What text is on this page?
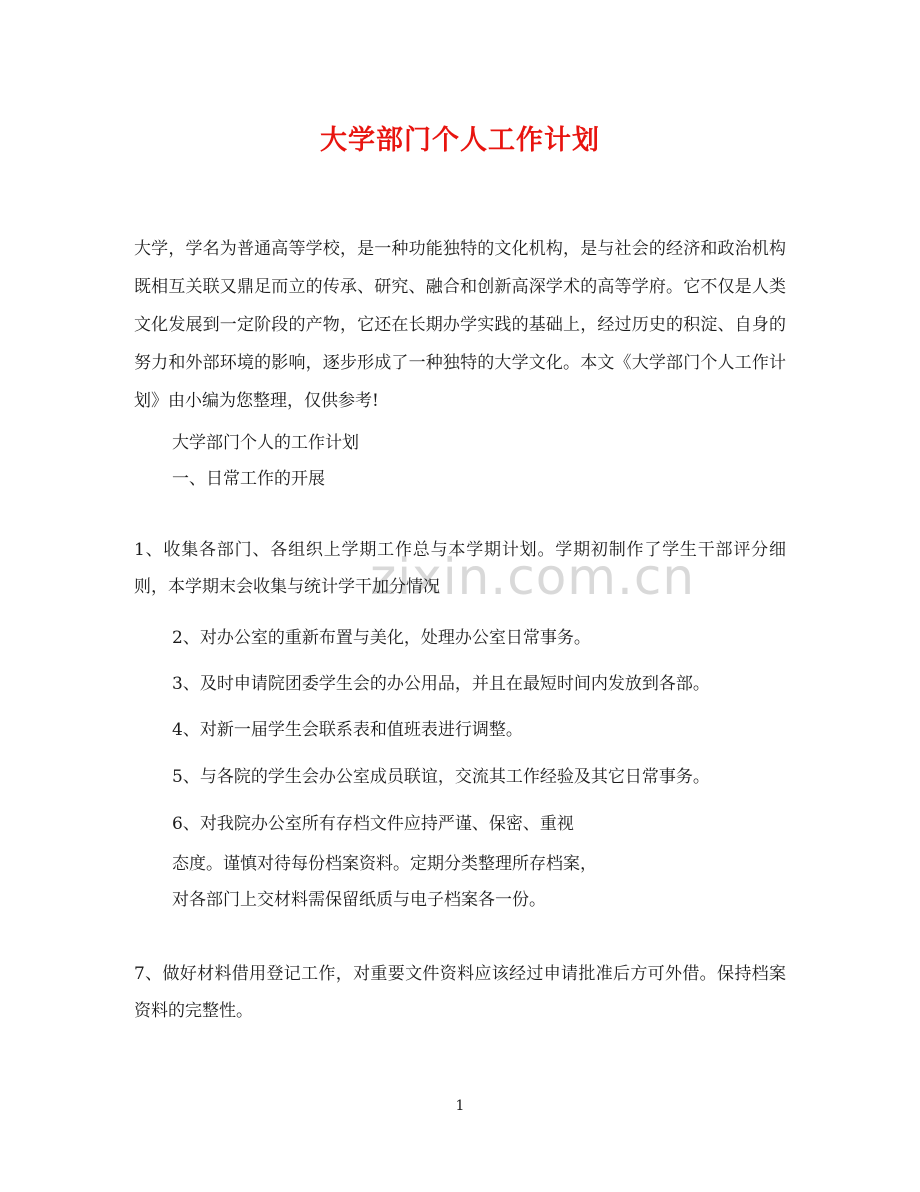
大学部门个人工作计划
大学，学名为普通高等学校，是一种功能独特的文化机构，是与社会的经济和政治机构既相互关联又鼎足而立的传承、研究、融合和创新高深学术的高等学府。它不仅是人类文化发展到一定阶段的产物，它还在长期办学实践的基础上，经过历史的积淀、自身的努力和外部环境的影响，逐步形成了一种独特的大学文化。本文《大学部门个人工作计划》由小编为您整理，仅供参考!
大学部门个人的工作计划
一、日常工作的开展
zixin.com.cn
1、收集各部门、各组织上学期工作总与本学期计划。学期初制作了学生干部评分细则，本学期末会收集与统计学干加分情况
2、对办公室的重新布置与美化，处理办公室日常事务。
3、及时申请院团委学生会的办公用品，并且在最短时间内发放到各部。
4、对新一届学生会联系表和值班表进行调整。
5、与各院的学生会办公室成员联谊，交流其工作经验及其它日常事务。
6、对我院办公室所有存档文件应持严谨、保密、重视
态度。谨慎对待每份档案资料。定期分类整理所存档案，
对各部门上交材料需保留纸质与电子档案各一份。
7、做好材料借用登记工作，对重要文件资料应该经过申请批准后方可外借。保持档案资料的完整性。
1
